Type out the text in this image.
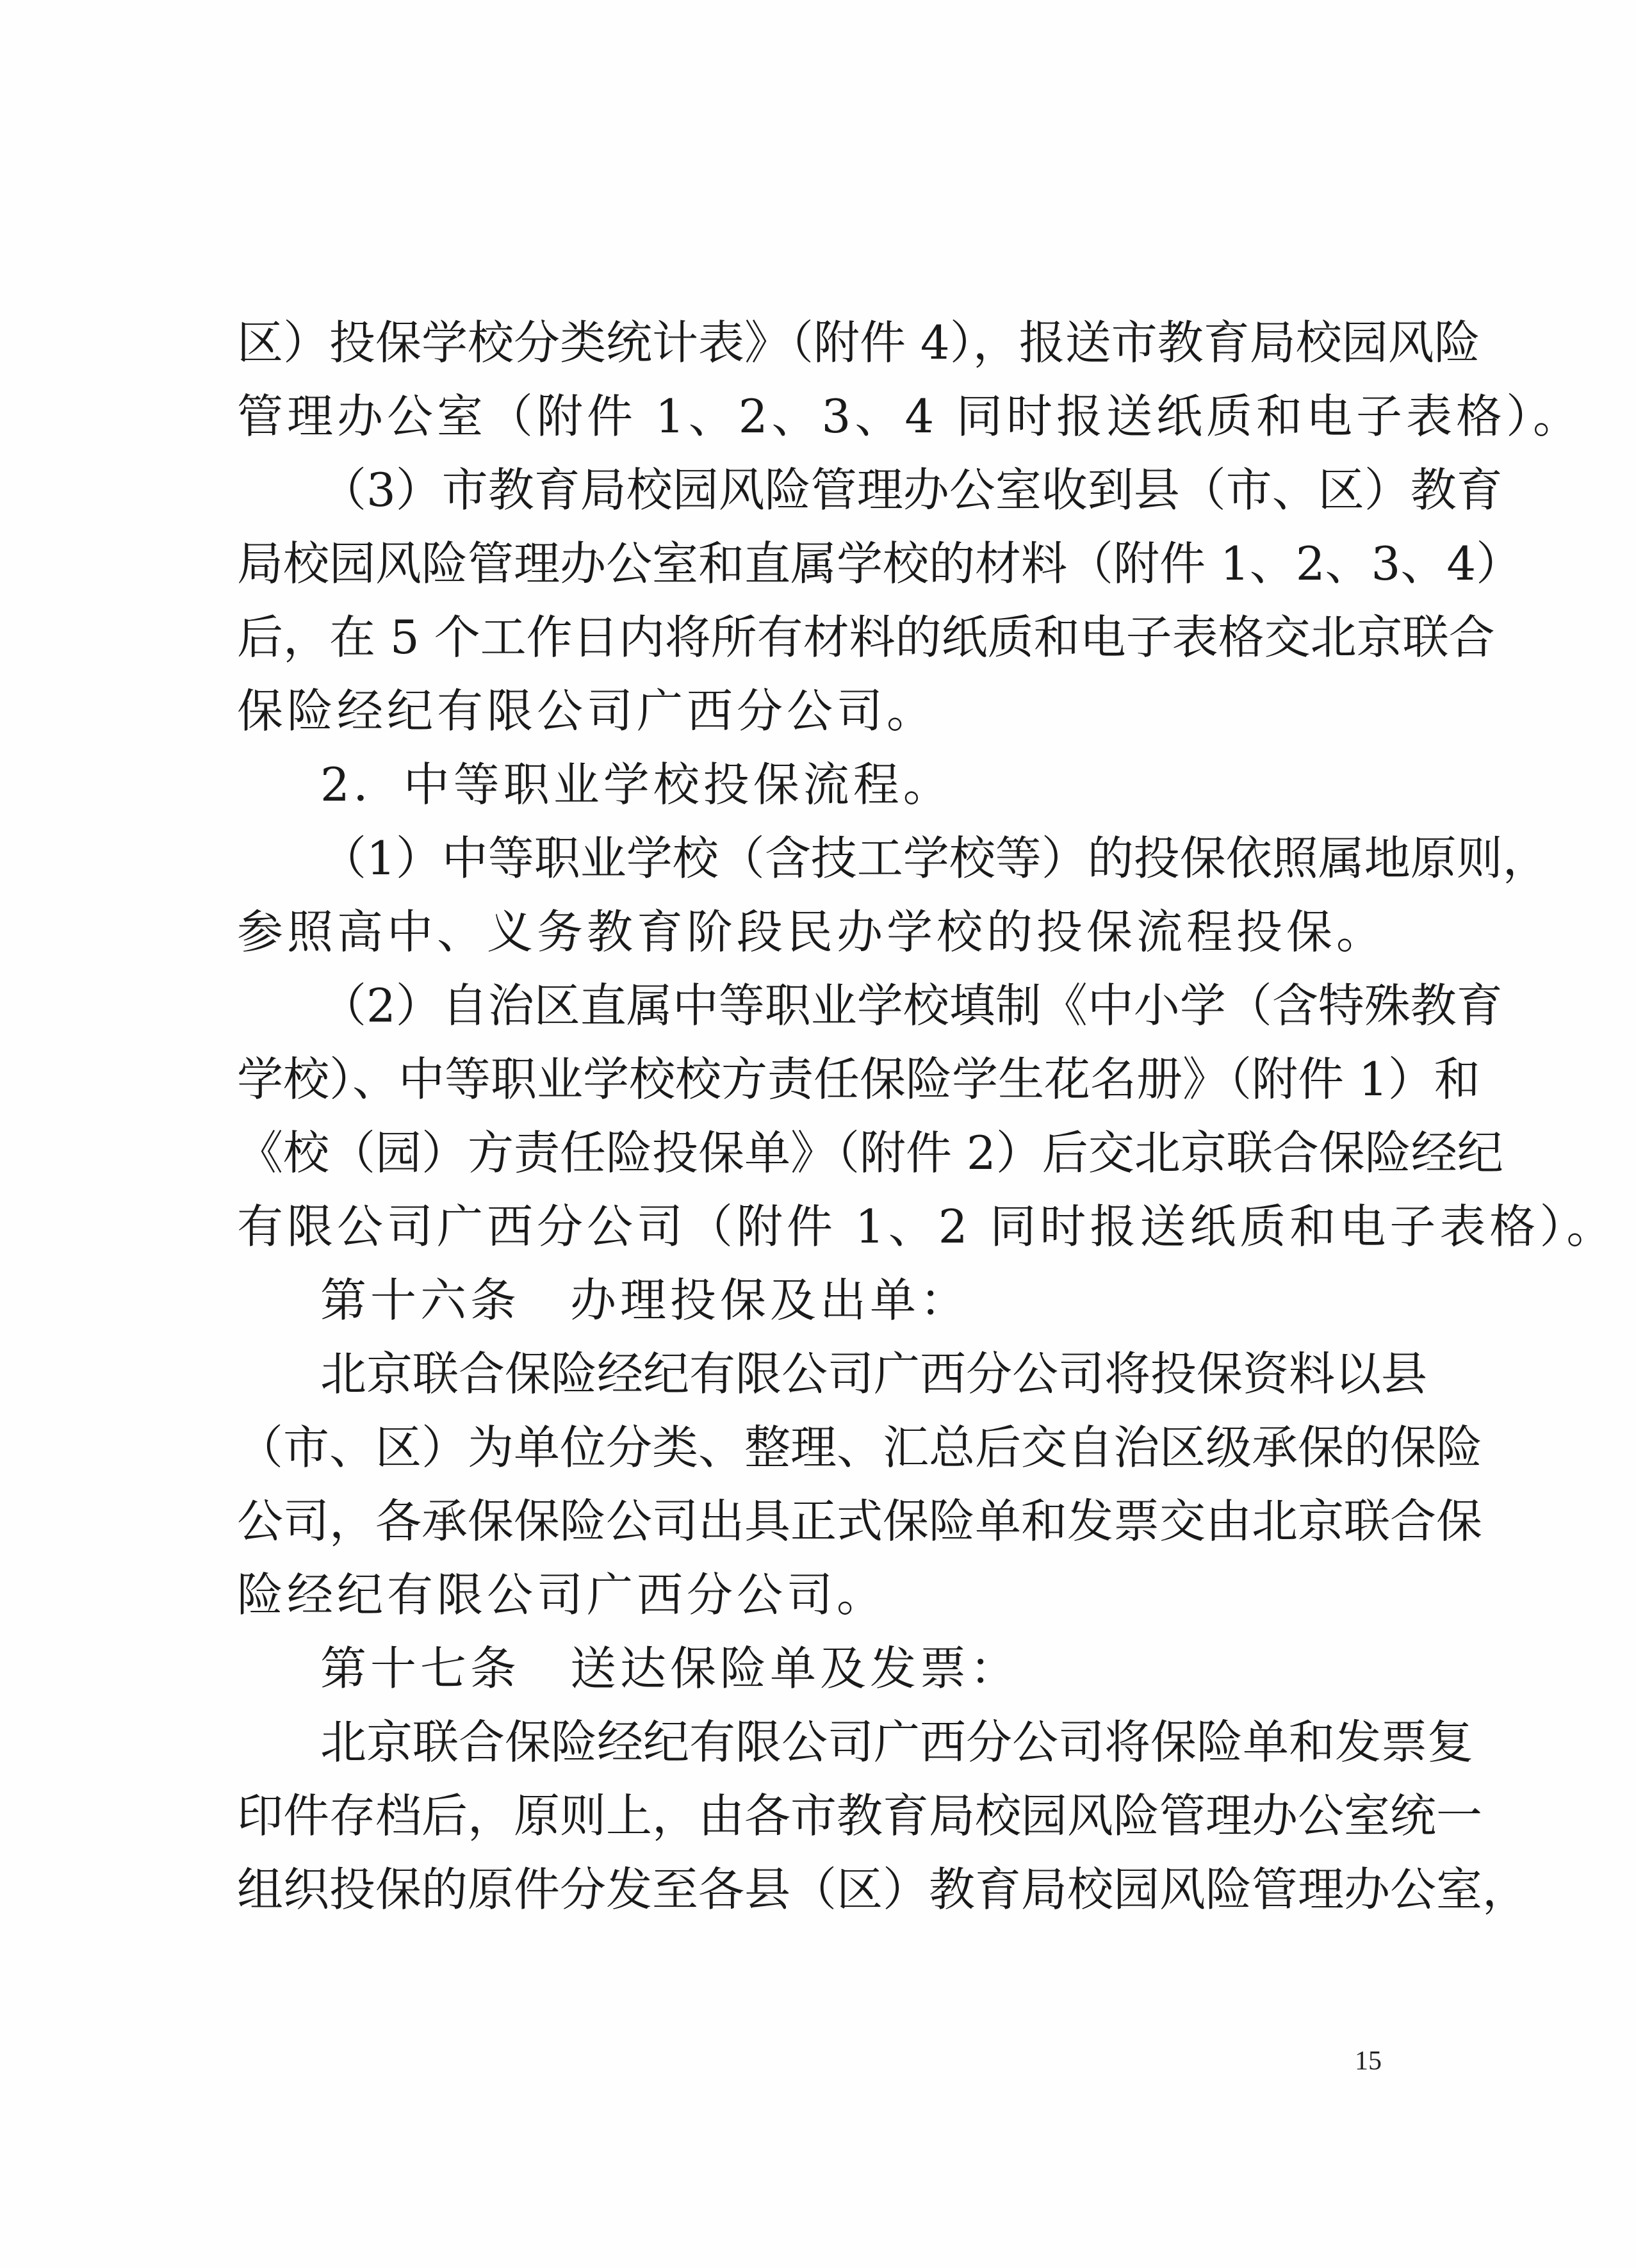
区）投保学校分类统计表》（附件 4），报送市教育局校园风险
管理办公室（附件 1、2、3、4 同时报送纸质和电子表格）。
（3）市教育局校园风险管理办公室收到县（市、区）教育
局校园风险管理办公室和直属学校的材料（附件 1、2、3、4）
后，在 5 个工作日内将所有材料的纸质和电子表格交北京联合
保险经纪有限公司广西分公司。
2．中等职业学校投保流程。
（1）中等职业学校（含技工学校等）的投保依照属地原则，
参照高中、义务教育阶段民办学校的投保流程投保。
（2）自治区直属中等职业学校填制《中小学（含特殊教育
学校）、中等职业学校校方责任保险学生花名册》（附件 1）和
《校（园）方责任险投保单》（附件 2）后交北京联合保险经纪
有限公司广西分公司（附件 1、2 同时报送纸质和电子表格）。
第十六条　办理投保及出单：
北京联合保险经纪有限公司广西分公司将投保资料以县
（市、区）为单位分类、整理、汇总后交自治区级承保的保险
公司，各承保保险公司出具正式保险单和发票交由北京联合保
险经纪有限公司广西分公司。
第十七条　送达保险单及发票：
北京联合保险经纪有限公司广西分公司将保险单和发票复
印件存档后，原则上，由各市教育局校园风险管理办公室统一
组织投保的原件分发至各县（区）教育局校园风险管理办公室，
15
